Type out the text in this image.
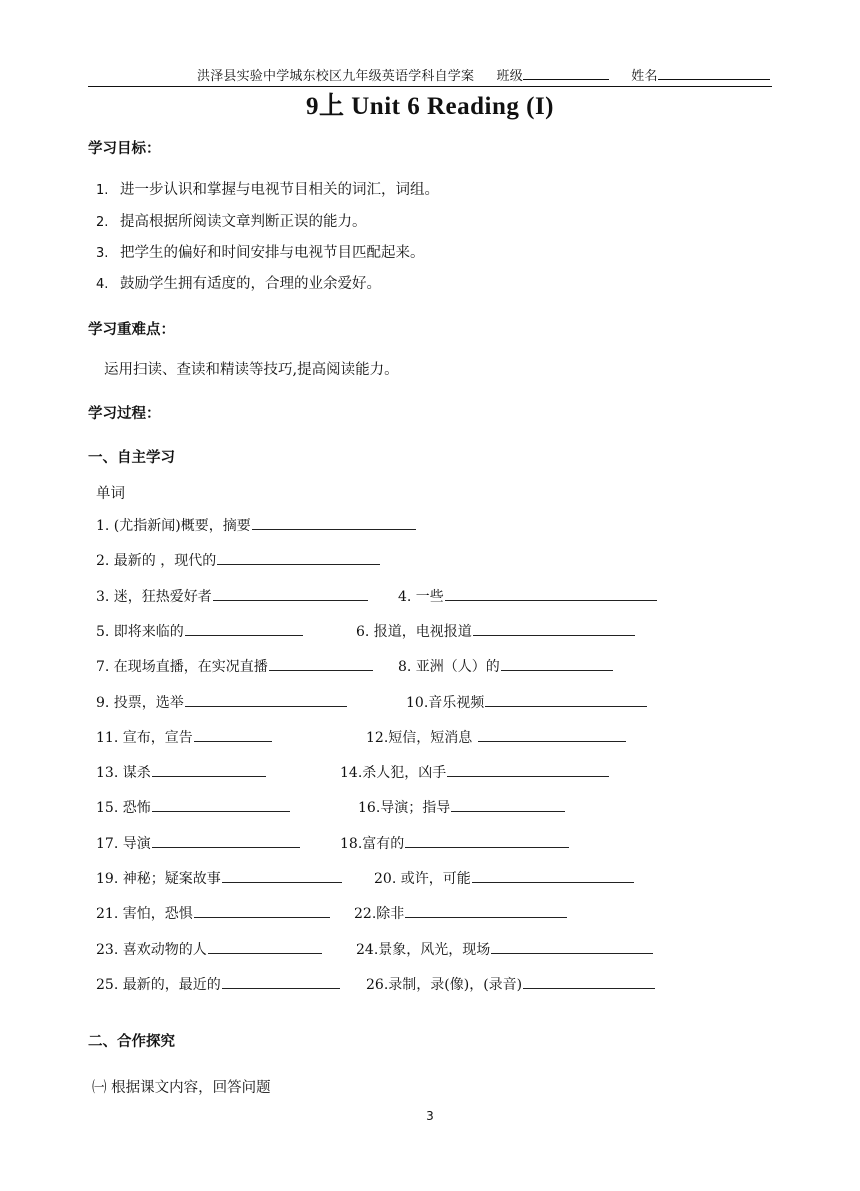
洪泽县实验中学城东校区九年级英语学科自学案 班级	姓名
9上 Unit 6 Reading (I)
学习目标：
1. 进一步认识和掌握与电视节目相关的词汇，词组。
2. 提高根据所阅读文章判断正误的能力。
3. 把学生的偏好和时间安排与电视节目匹配起来。
4. 鼓励学生拥有适度的，合理的业余爱好。
学习重难点：
运用扫读、查读和精读等技巧,提高阅读能力。
学习过程：
一、自主学习
单词
1. (尤指新闻)概要，摘要
2. 最新的 ，现代的
3. 迷，狂热爱好者	4. 一些
5. 即将来临的	6. 报道，电视报道
7. 在现场直播，在实况直播	8. 亚洲（人）的
9. 投票，选举	10.音乐视频
11. 宣布，宣告	12.短信，短消息
13. 谋杀	14.杀人犯，凶手
15. 恐怖	16.导演；指导
17. 导演	18.富有的
19. 神秘；疑案故事	20. 或许，可能
21. 害怕，恐惧	22.除非
23. 喜欢动物的人	24.景象，风光，现场
25. 最新的，最近的	26.录制，录(像)，(录音)
二、合作探究
㈠ 根据课文内容，回答问题
3
